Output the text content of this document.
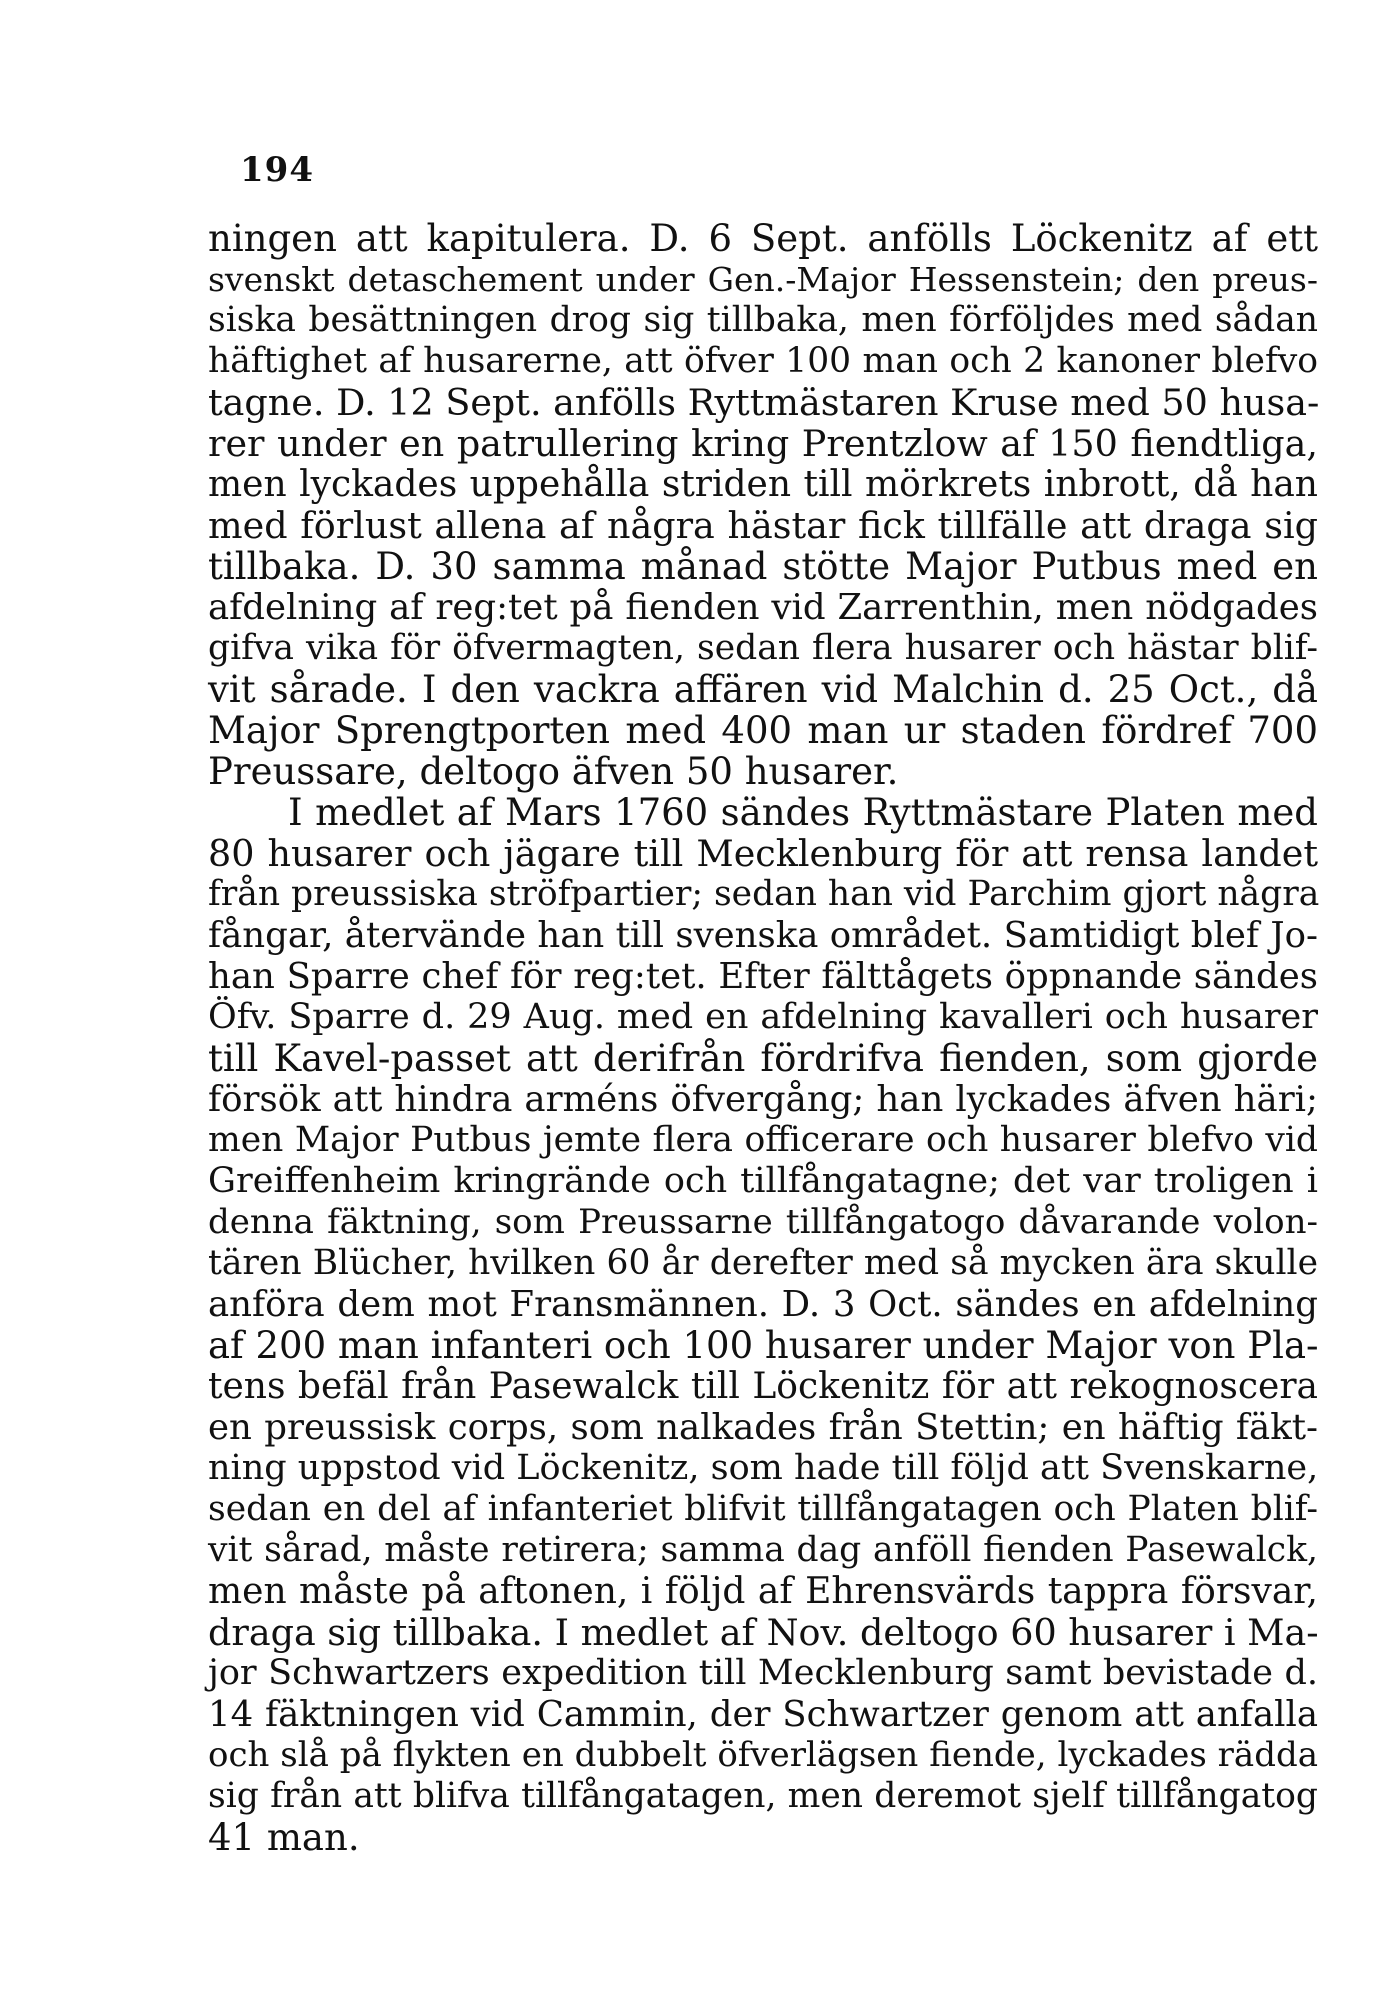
194
ningen att kapitulera. D. 6 Sept. anfölls Löckenitz af ett
svenskt detaschement under Gen.-Major Hessenstein; den preus-
siska besättningen drog sig tillbaka, men förföljdes med sådan
häftighet af husarerne, att öfver 100 man och 2 kanoner blefvo
tagne. D. 12 Sept. anfölls Ryttmästaren Kruse med 50 husa-
rer under en patrullering kring Prentzlow af 150 fiendtliga,
men lyckades uppehålla striden till mörkrets inbrott, då han
med förlust allena af några hästar fick tillfälle att draga sig
tillbaka. D. 30 samma månad stötte Major Putbus med en
afdelning af reg:tet på fienden vid Zarrenthin, men nödgades
gifva vika för öfvermagten, sedan flera husarer och hästar blif-
vit sårade. I den vackra affären vid Malchin d. 25 Oct., då
Major Sprengtporten med 400 man ur staden fördref 700
Preussare, deltogo äfven 50 husarer.
I medlet af Mars 1760 sändes Ryttmästare Platen med
80 husarer och jägare till Mecklenburg för att rensa landet
från preussiska ströfpartier; sedan han vid Parchim gjort några
fångar, återvände han till svenska området. Samtidigt blef Jo-
han Sparre chef för reg:tet. Efter fälttågets öppnande sändes
Öfv. Sparre d. 29 Aug. med en afdelning kavalleri och husarer
till Kavel-passet att derifrån fördrifva fienden, som gjorde
försök att hindra arméns öfvergång; han lyckades äfven häri;
men Major Putbus jemte flera officerare och husarer blefvo vid
Greiffenheim kringrände och tillfångatagne; det var troligen i
denna fäktning, som Preussarne tillfångatogo dåvarande volon-
tären Blücher, hvilken 60 år derefter med så mycken ära skulle
anföra dem mot Fransmännen. D. 3 Oct. sändes en afdelning
af 200 man infanteri och 100 husarer under Major von Pla-
tens befäl från Pasewalck till Löckenitz för att rekognoscera
en preussisk corps, som nalkades från Stettin; en häftig fäkt-
ning uppstod vid Löckenitz, som hade till följd att Svenskarne,
sedan en del af infanteriet blifvit tillfångatagen och Platen blif-
vit sårad, måste retirera; samma dag anföll fienden Pasewalck,
men måste på aftonen, i följd af Ehrensvärds tappra försvar,
draga sig tillbaka. I medlet af Nov. deltogo 60 husarer i Ma-
jor Schwartzers expedition till Mecklenburg samt bevistade d.
14 fäktningen vid Cammin, der Schwartzer genom att anfalla
och slå på flykten en dubbelt öfverlägsen fiende, lyckades rädda
sig från att blifva tillfångatagen, men deremot sjelf tillfångatog
41 man.
